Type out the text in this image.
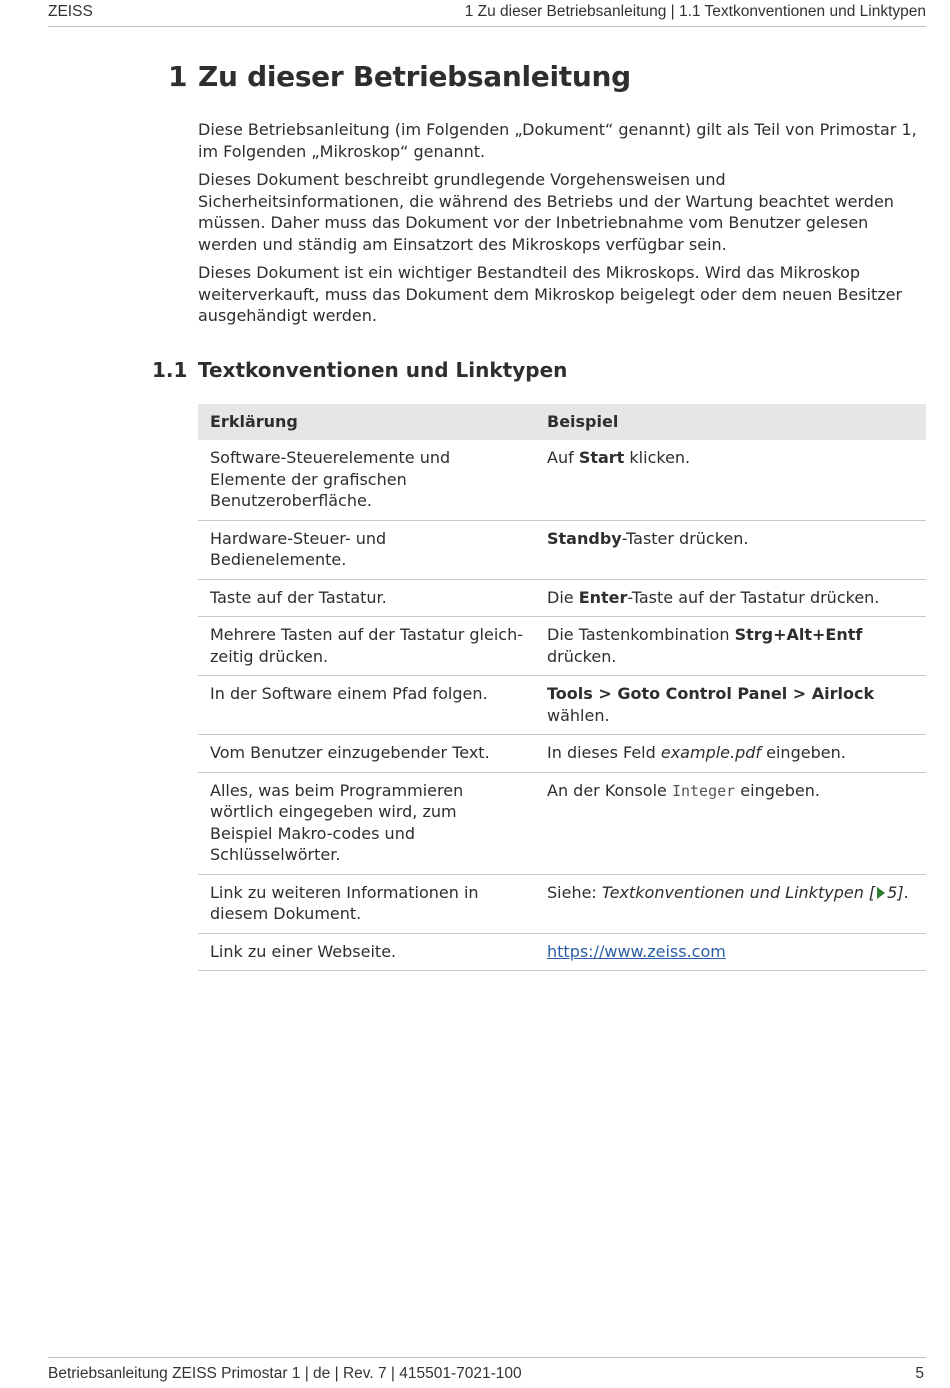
ZEISS	1 Zu dieser Betriebsanleitung | 1.1 Textkonventionen und Linktypen
1 Zu dieser Betriebsanleitung

Diese Betriebsanleitung (im Folgenden „Dokument“ genannt) gilt als Teil von Primostar 1, im Folgenden „Mikroskop“ genannt.

Dieses Dokument beschreibt grundlegende Vorgehensweisen und Sicherheitsinformationen, die während des Betriebs und der Wartung beachtet werden müssen. Daher muss das Dokument vor der Inbetriebnahme vom Benutzer gelesen werden und ständig am Einsatzort des Mikroskops verfügbar sein.

Dieses Dokument ist ein wichtiger Bestandteil des Mikroskops. Wird das Mikroskop weiterverkauft, muss das Dokument dem Mikroskop beigelegt oder dem neuen Besitzer ausgehändigt werden.

1.1 Textkonventionen und Linktypen
Erklärung	Beispiel
Software-Steuerelemente und Elemente der grafischen Benutzeroberfläche.	Auf Start klicken.
Hardware-Steuer- und Bedienelemente.	Standby-Taster drücken.
Taste auf der Tastatur.	Die Enter-Taste auf der Tastatur drücken.
Mehrere Tasten auf der Tastatur gleich-zeitig drücken.	Die Tastenkombination Strg+Alt+Entf drücken.
In der Software einem Pfad folgen.	Tools > Goto Control Panel > Airlock wählen.
Vom Benutzer einzugebender Text.	In dieses Feld example.pdf eingeben.
Alles, was beim Programmieren wörtlich eingegeben wird, zum Beispiel Makro-codes und Schlüsselwörter.	An der Konsole Integer eingeben.
Link zu weiteren Informationen in diesem Dokument.	Siehe: Textkonventionen und Linktypen [ 5].
Link zu einer Webseite.	https://www.zeiss.com
Betriebsanleitung ZEISS Primostar 1 | de | Rev. 7 | 415501-7021-100	5
